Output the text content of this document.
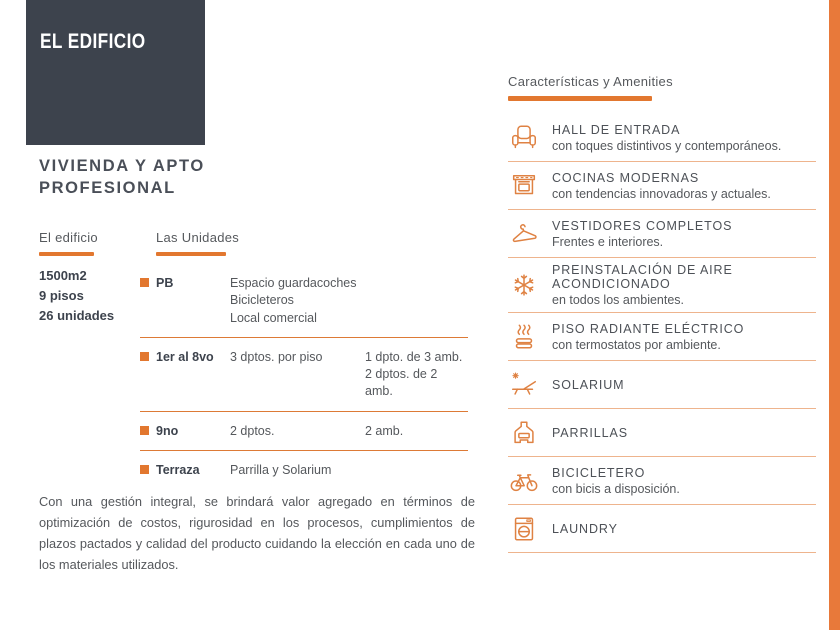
EL EDIFICIO
VIVIENDA Y APTO
PROFESIONAL
El edificio
1500m2
9 pisos
26 unidades
Las Unidades
PB	Espacio guardacoches
Bicicleteros
Local comercial
1er al 8vo	3 dptos. por piso	1 dpto. de 3 amb.
2 dptos. de 2 amb.
9no	2 dptos.	2 amb.
Terraza	Parrilla y Solarium

Con una gestión integral, se brindará valor agregado en términos de optimización de costos, rigurosidad en los procesos, cumplimientos de plazos pactados y calidad del producto cuidando la elección en cada uno de los materiales utilizados.

Características y Amenities
HALL DE ENTRADA
con toques distintivos y contemporáneos.
COCINAS MODERNAS
con tendencias innovadoras y actuales.
VESTIDORES COMPLETOS
Frentes e interiores.
PREINSTALACIÓN DE AIRE ACONDICIONADO
en todos los ambientes.
PISO RADIANTE ELÉCTRICO
con termostatos por ambiente.
SOLARIUM
PARRILLAS
BICICLETERO
con bicis a disposición.
LAUNDRY
